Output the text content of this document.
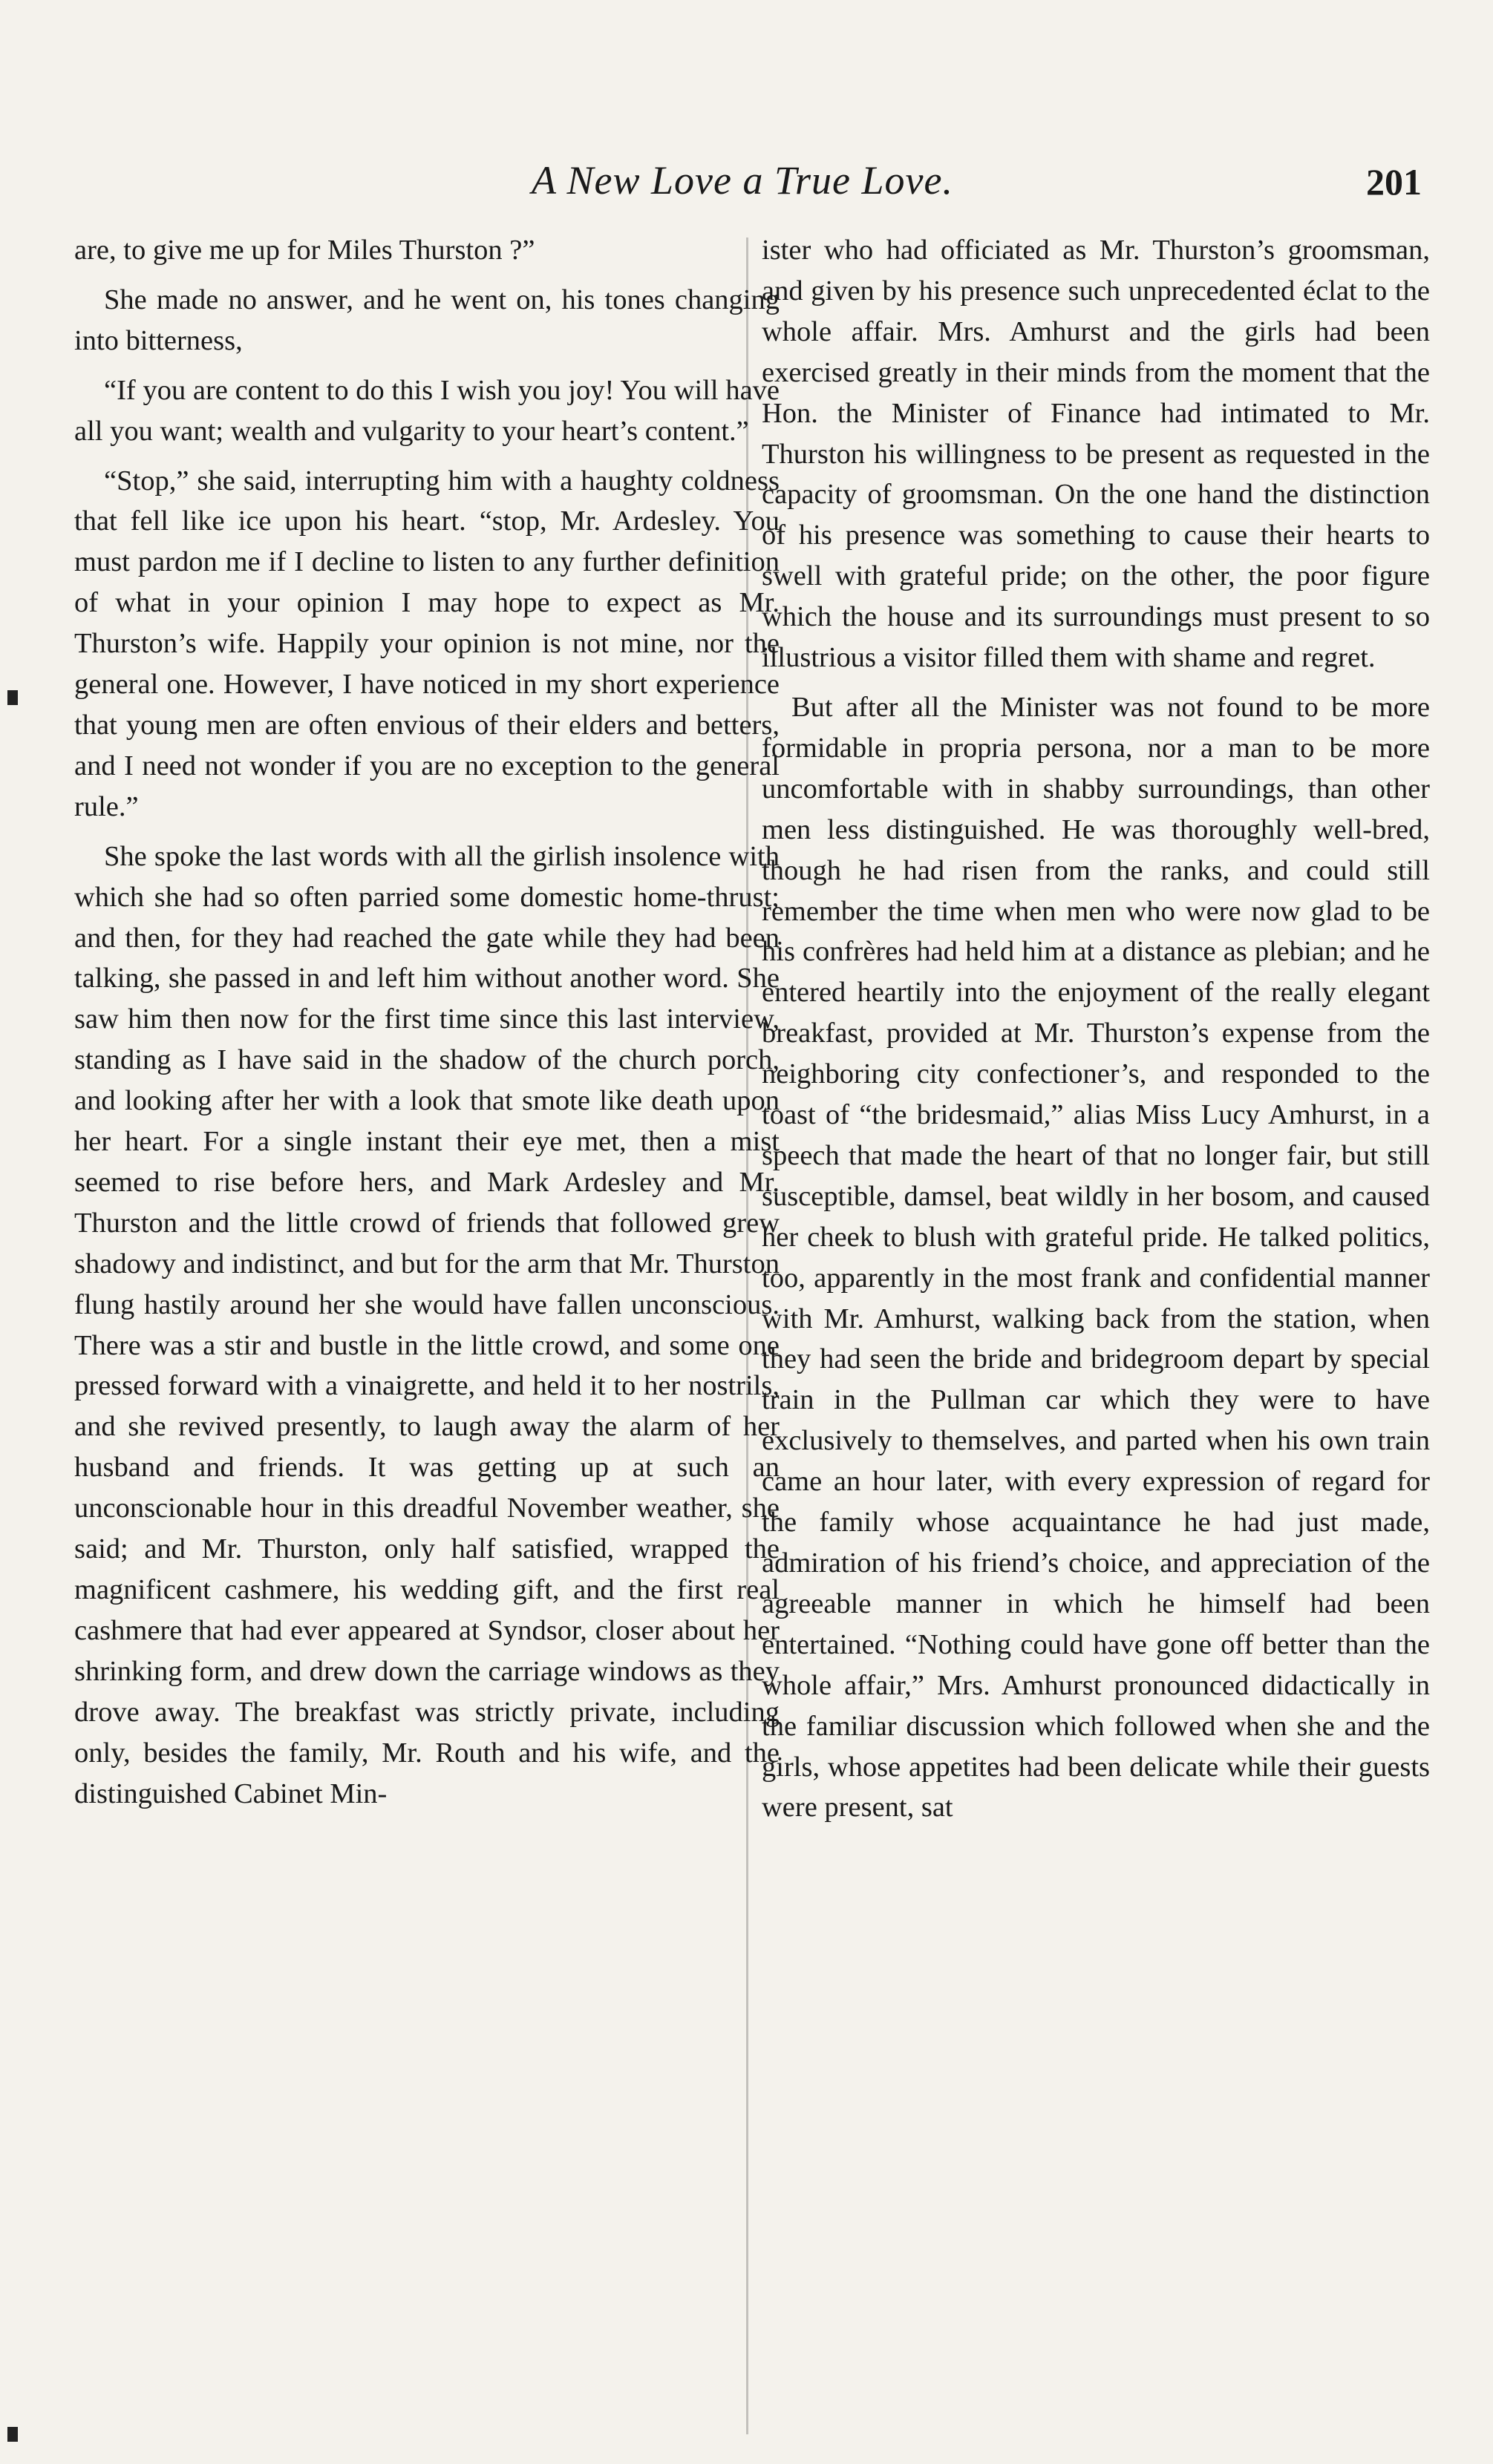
A New Love a True Love.	201

are, to give me up for Miles Thurston ?”

She made no answer, and he went on, his tones changing into bitterness,

“If you are content to do this I wish you joy! You will have all you want; wealth and vulgarity to your heart’s content.”

“Stop,” she said, interrupting him with a haughty coldness that fell like ice upon his heart. “stop, Mr. Ardesley. You must pardon me if I decline to listen to any further definition of what in your opinion I may hope to expect as Mr. Thurston’s wife. Happily your opinion is not mine, nor the general one. However, I have noticed in my short experience that young men are often envious of their elders and betters, and I need not wonder if you are no exception to the general rule.”

She spoke the last words with all the girlish insolence with which she had so often parried some domestic home-thrust; and then, for they had reached the gate while they had been talking, she passed in and left him without another word. She saw him then now for the first time since this last interview, standing as I have said in the shadow of the church porch, and looking after her with a look that smote like death upon her heart. For a single instant their eye met, then a mist seemed to rise before hers, and Mark Ardesley and Mr. Thurston and the little crowd of friends that followed grew shadowy and indistinct, and but for the arm that Mr. Thurston flung hastily around her she would have fallen unconscious. There was a stir and bustle in the little crowd, and some one pressed forward with a vinaigrette, and held it to her nostrils, and she revived presently, to laugh away the alarm of her husband and friends. It was getting up at such an unconscionable hour in this dreadful November weather, she said; and Mr. Thurston, only half satisfied, wrapped the magnificent cashmere, his wedding gift, and the first real cashmere that had ever appeared at Syndsor, closer about her shrinking form, and drew down the carriage windows as they drove away. The breakfast was strictly private, including only, besides the family, Mr. Routh and his wife, and the distinguished Cabinet Min-

ister who had officiated as Mr. Thurston’s groomsman, and given by his presence such unprecedented éclat to the whole affair. Mrs. Amhurst and the girls had been exercised greatly in their minds from the moment that the Hon. the Minister of Finance had intimated to Mr. Thurston his willingness to be present as requested in the capacity of groomsman. On the one hand the distinction of his presence was something to cause their hearts to swell with grateful pride; on the other, the poor figure which the house and its surroundings must present to so illustrious a visitor filled them with shame and regret.

But after all the Minister was not found to be more formidable in propria persona, nor a man to be more uncomfortable with in shabby surroundings, than other men less distinguished. He was thoroughly well-bred, though he had risen from the ranks, and could still remember the time when men who were now glad to be his confrères had held him at a distance as plebian; and he entered heartily into the enjoyment of the really elegant breakfast, provided at Mr. Thurston’s expense from the neighboring city confectioner’s, and responded to the toast of “the bridesmaid,” alias Miss Lucy Amhurst, in a speech that made the heart of that no longer fair, but still susceptible, damsel, beat wildly in her bosom, and caused her cheek to blush with grateful pride. He talked politics, too, apparently in the most frank and confidential manner with Mr. Amhurst, walking back from the station, when they had seen the bride and bridegroom depart by special train in the Pullman car which they were to have exclusively to themselves, and parted when his own train came an hour later, with every expression of regard for the family whose acquaintance he had just made, admiration of his friend’s choice, and appreciation of the agreeable manner in which he himself had been entertained. “Nothing could have gone off better than the whole affair,” Mrs. Amhurst pronounced didactically in the familiar discussion which followed when she and the girls, whose appetites had been delicate while their guests were present, sat
